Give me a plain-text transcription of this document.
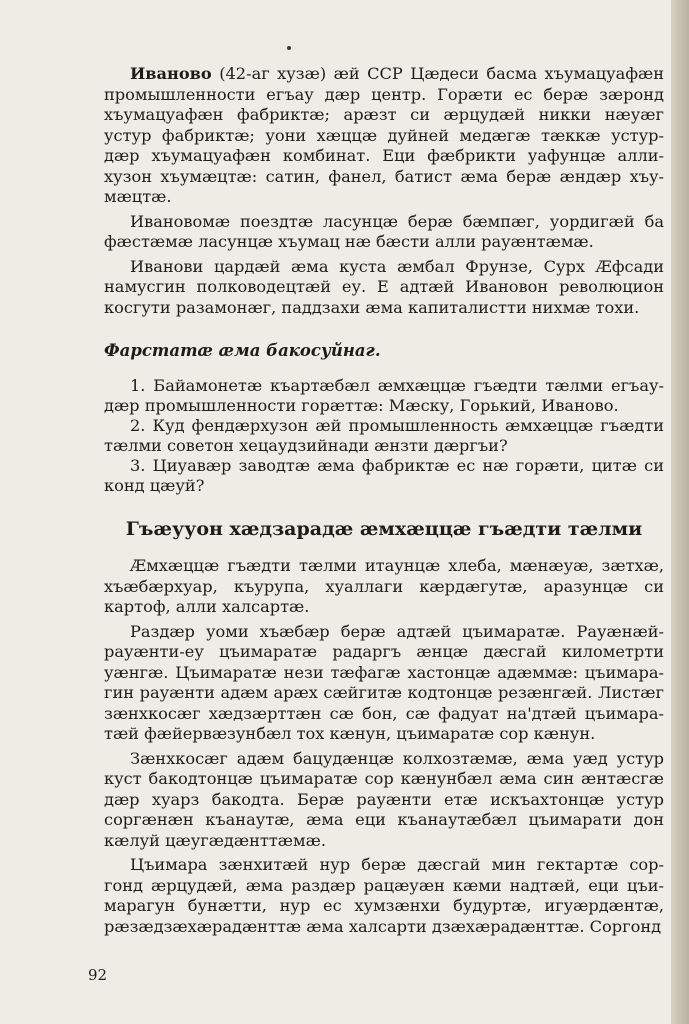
Иваново (42-аг хузæ) æй ССР Цæдеси басма хъумацуафæн промышленности егъау дæр центр. Горæти ес берæ зæронд хъумацуафæн фабриктæ; арæзт си æрцудæй никки нæуæг устур фабриктæ; уони хæццæ дуйней медæгæ тæккæ устур- дæр хъумацуафæн комбинат. Еци фæбрикти уафунцæ алли- хузон хъумæцтæ: сатин, фанел, батист æма берæ æндæр хъу- мæцтæ.

Ивановомæ поездтæ ласунцæ берæ бæмпæг, уордигæй ба фæстæмæ ласунцæ хъумац нæ бæсти алли рауæнтæмæ.

Иванови цардæй æма куста æмбал Фрунзе, Сурх Æфсади намусгин полководецтæй еу. Е адтæй Ивановон революцион косгути разамонæг, паддзахи æма капиталистти нихмæ тохи.

Фарстатæ æма бакосуйнаг.

1. Байамонетæ къартæбæл æмхæццæ гъæдти тæлми егъау- дæр промышленности горæттæ: Мæску, Горький, Иваново.

2. Куд фендæрхузон æй промышленность æмхæццæ гъæдти тæлми советон хецаудзийнади æнзти дæргъи?

3. Циуавæр заводтæ æма фабриктæ ес нæ горæти, цитæ си конд цæуй?

Гъæууон хæдзарадæ æмхæццæ гъæдти тæлми

Æмхæццæ гъæдти тæлми итаунцæ хлеба, мæнæуæ, зæтхæ, хъæбæрхуар, къурупа, хуаллаги кæрдæгутæ, аразунцæ си картоф, алли халсартæ.

Раздæр уоми хъæбæр берæ адтæй цъимаратæ. Рауæнæй- рауæнти-еу цъимаратæ радаргъ æнцæ дæсгай километрти уæнгæ. Цъимаратæ нези тæфагæ хастонцæ адæммæ: цъимара- гин рауæнти адæм арæх сæйгитæ кодтонцæ резæнгæй. Листæг зæнхкосæг хæдзæрттæн сæ бон, сæ фадуат на'дтæй цъимара- тæй фæйервæзунбæл тох кæнун, цъимаратæ сор кæнун.

Зæнхкосæг адæм бацудæнцæ колхозтæмæ, æма уæд устур куст бакодтонцæ цъимаратæ сор кæнунбæл æма син æнтæсгæ дæр хуарз бакодта. Берæ рауæнти етæ искъахтонцæ устур соргæнæн къанаутæ, æма еци къанаутæбæл цъимарати дон кæлуй цæугæдæнттæмæ.

Цъимара зæнхитæй нур берæ дæсгай мин гектартæ сор- гонд æрцудæй, æма раздæр рацæуæн кæми надтæй, еци цъи- марагун бунæтти, нур ес хумзæнхи будуртæ, игуæрдæнтæ, рæзæдзæхæрадæнттæ æма халсарти дзæхæрадæнттæ. Соргонд

92
